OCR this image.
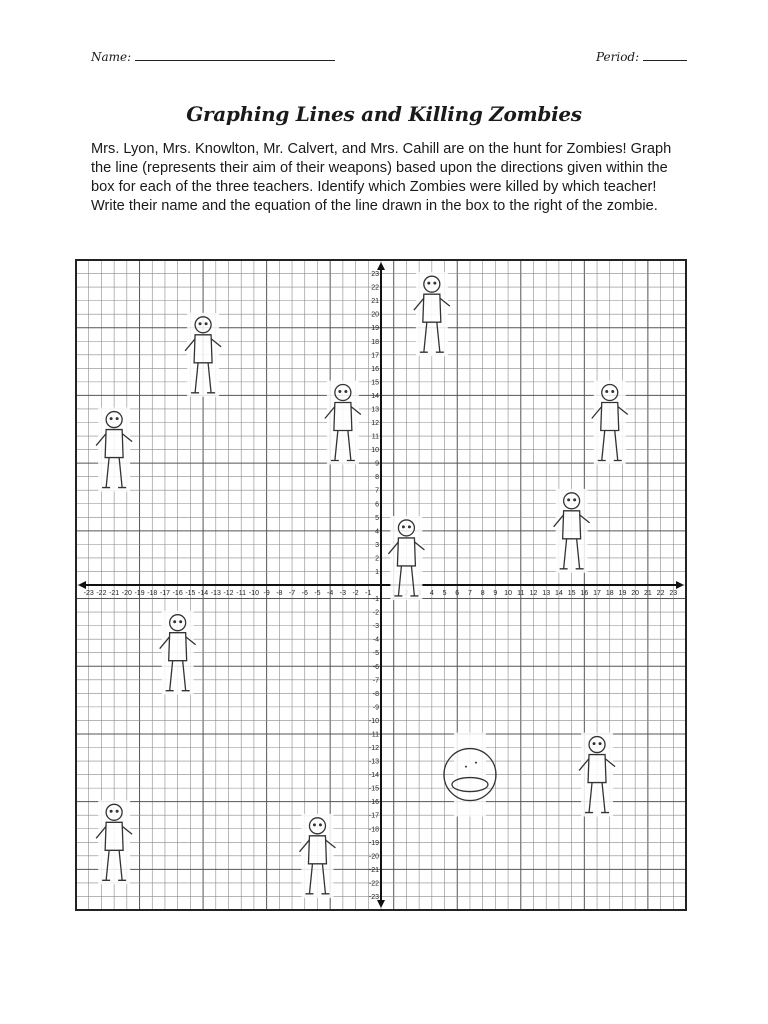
Name:	Period:
Graphing Lines and Killing Zombies
Mrs. Lyon, Mrs. Knowlton, Mr. Calvert, and Mrs. Cahill are on the hunt for Zombies! Graph the line (represents their aim of their weapons) based upon the directions given within the box for each of the three teachers. Identify which Zombies were killed by which teacher! Write their name and the equation of the line drawn in the box to the right of the zombie.
-23 -22 -21 -20 -19 -18 -17 -16 -15 -14 -13 -12 -11 -10 -9 -8 -7 -6 -5 -4 -3 -2 -1	4 5 6 7 8 9 10 11 12 13 14 15 16 17 18 19 20 21 22 23
-23
-22
-21
-20
-19
-18
-17
-16
-15
-14
-13
-12
-11
-10
-9
-8
-7
-6
-5
-4
-3
-2
-1
1
2
3
4
5
6
7
8
9
10
11
12
13
14
15
16
17
18
19
20
21
22
23
